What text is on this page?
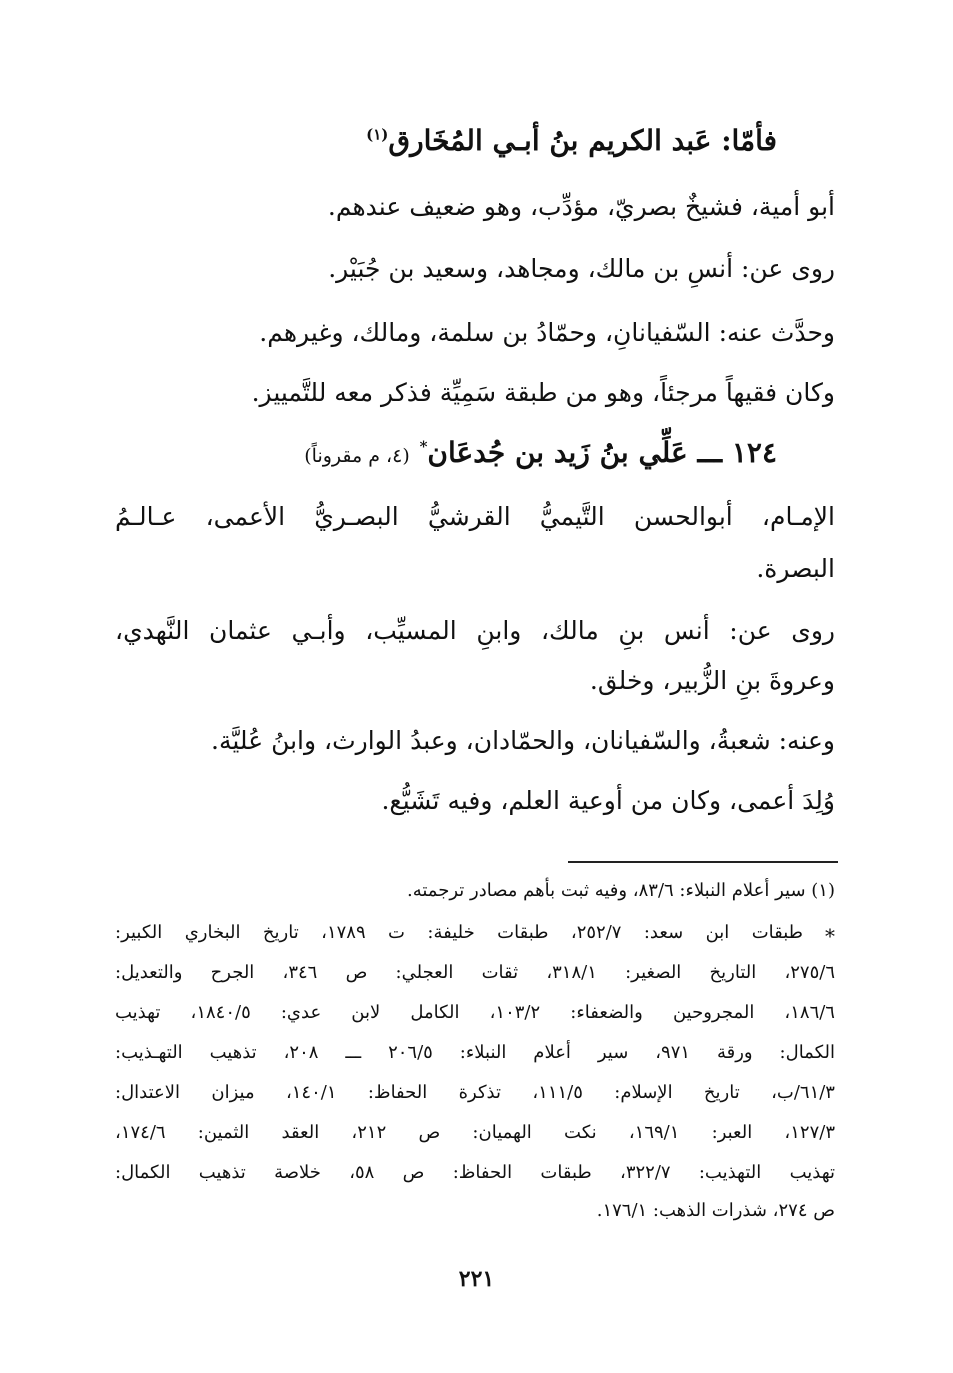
فأمّا: عَبد الكريم بنُ أبـي المُخَارق$^{(١)}$
أبو أمية، فشيخٌ بصريّ، مؤدِّب، وهو ضعيف عندهم.
روى عن: أنسِ بن مالك، ومجاهد، وسعيد بن جُبَيْر.
وحدَّث عنه: السّفيانانِ، وحمّادُ بن سلمة، ومالك، وغيرهم.
وكان فقيهاً مرجئاً، وهو من طبقة سَمِيِّة فذكر معه للتَّمييز.
١٢٤ ـــ عَلِّي بنُ زَيد بن جُدعَان* (٤، م مقروناً)
الإمـام، أبوالحسن التَّيميُّ القرشيُّ البصـريُّ الأعمى، عـالـمُ
البصرة.
روى عن: أنس بنِ مالك، وابنِ المسيِّب، وأبـي عثمان النَّهدي،
وعروةَ بنِ الزُّبير، وخلق.
وعنه: شعبةُ، والسّفيانان، والحمّادان، وعبدُ الوارث، وابنُ عُليَّة.
وُلِدَ أعمى، وكان من أوعية العلم، وفيه تَشَيُّع.
(١) سير أعلام النبلاء: ٨٣/٦، وفيه ثبت بأهم مصادر ترجمته.
*
طبقات ابن سعد: ٢٥٢/٧، طبقات خليفة: ت ١٧٨٩، تاريخ البخاري الكبير:
٢٧٥/٦، التاريخ الصغير: ٣١٨/١، ثقات العجلي: ص ٣٤٦، الجرح والتعديل:
١٨٦/٦، المجروحين والضعفاء: ١٠٣/٢، الكامل لابن عدي: ١٨٤٠/٥، تهذيب
الكمال: ورقة ٩٧١، سير أعلام النبلاء: ٢٠٦/٥ ـــ ٢٠٨، تذهيب التهـذيب:
٦١/٣/ب، تاريخ الإسلام: ١١١/٥، تذكرة الحفاظ: ١٤٠/١، ميزان الاعتدال:
١٢٧/٣، العبر: ١٦٩/١، نكت الهميان: ص ٢١٢، العقد الثمين: ١٧٤/٦،
تهذيب التهذيب: ٣٢٢/٧، طبقات الحفاظ: ص ٥٨، خلاصة تذهيب الكمال:
ص ٢٧٤، شذرات الذهب: ١٧٦/١.
٢٢١
